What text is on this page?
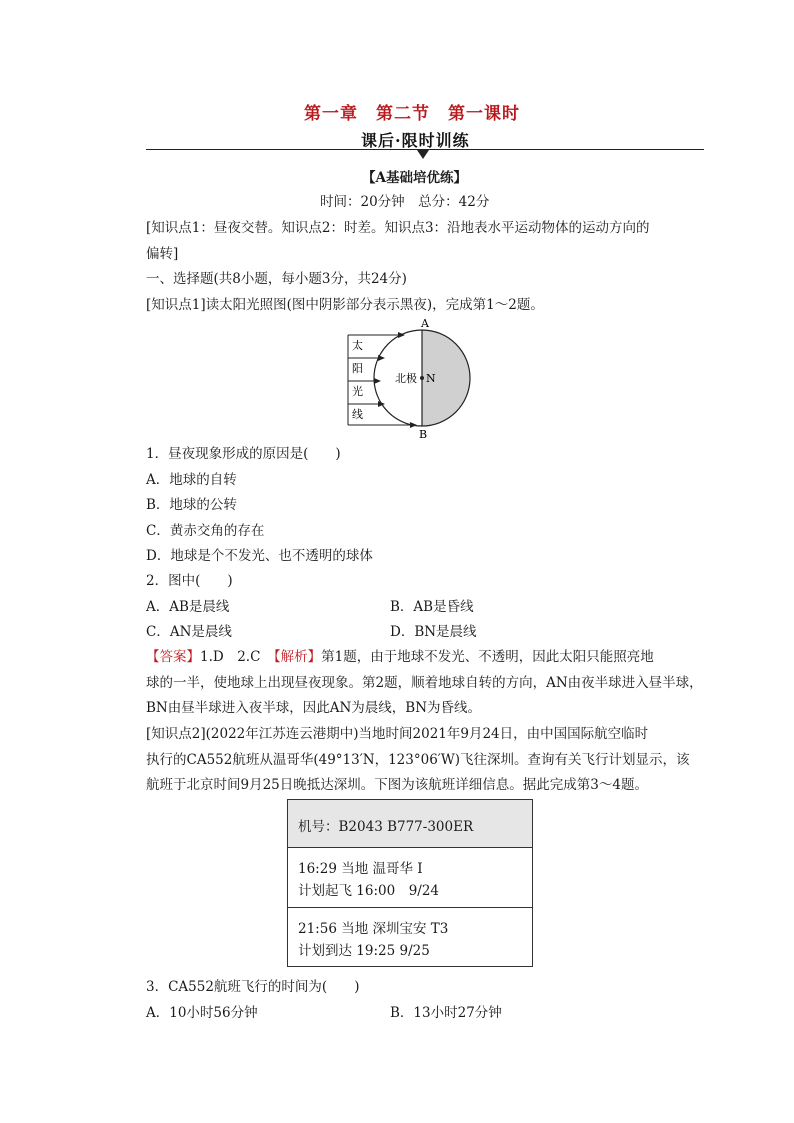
第一章　第二节　第一课时
课后·限时训练
【A基础培优练】
时间：20分钟　总分：42分
[知识点1：昼夜交替。知识点2：时差。知识点3：沿地表水平运动物体的运动方向的
偏转]
一、选择题(共8小题，每小题3分，共24分)
[知识点1]读太阳光照图(图中阴影部分表示黑夜)，完成第1～2题。
A
B
北极 N
太
阳
光
线
1．昼夜现象形成的原因是(　　)
A．地球的自转
B．地球的公转
C．黄赤交角的存在
D．地球是个不发光、也不透明的球体
2．图中(　　)
A．AB是晨线	B．AB是昏线
C．AN是晨线	D．BN是晨线
【答案】1.D　2.C　【解析】第1题，由于地球不发光、不透明，因此太阳只能照亮地
球的一半，使地球上出现昼夜现象。第2题，顺着地球自转的方向，AN由夜半球进入昼半球，
BN由昼半球进入夜半球，因此AN为晨线，BN为昏线。
[知识点2](2022年江苏连云港期中)当地时间2021年9月24日，由中国国际航空临时
执行的CA552航班从温哥华(49°13′N，123°06′W)飞往深圳。查询有关飞行计划显示，该
航班于北京时间9月25日晚抵达深圳。下图为该航班详细信息。据此完成第3～4题。
机号：B2043 B777-300ER
16:29 当地 温哥华 I
计划起飞 16:00　9/24
21:56 当地 深圳宝安 T3
计划到达 19:25 9/25
3．CA552航班飞行的时间为(　　)
A．10小时56分钟	B．13小时27分钟
